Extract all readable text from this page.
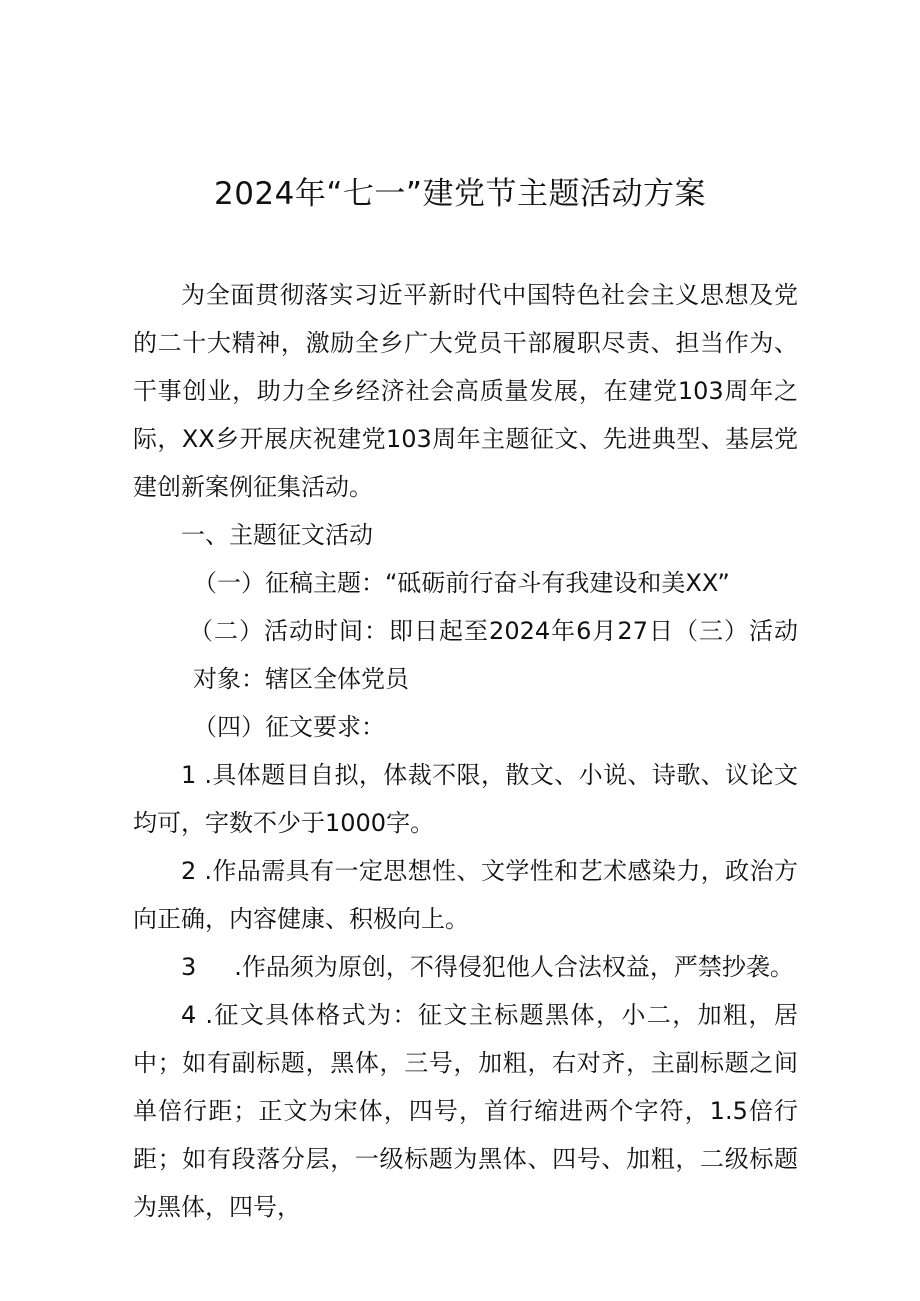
2024年“七一”建党节主题活动方案

为全面贯彻落实习近平新时代中国特色社会主义思想及党的二十大精神，激励全乡广大党员干部履职尽责、担当作为、干事创业，助力全乡经济社会高质量发展，在建党103周年之际，XX乡开展庆祝建党103周年主题征文、先进典型、基层党建创新案例征集活动。

一、主题征文活动

（一）征稿主题：“砥砺前行奋斗有我建设和美XX”

（二）活动时间：即日起至2024年6月27日（三）活动对象：辖区全体党员

（四）征文要求：

1 .具体题目自拟，体裁不限，散文、小说、诗歌、议论文均可，字数不少于1000字。

2 .作品需具有一定思想性、文学性和艺术感染力，政治方向正确，内容健康、积极向上。

3 .作品须为原创，不得侵犯他人合法权益，严禁抄袭。

4 .征文具体格式为：征文主标题黑体，小二，加粗，居中；如有副标题，黑体，三号，加粗，右对齐，主副标题之间单倍行距；正文为宋体，四号，首行缩进两个字符，1.5倍行距；如有段落分层，一级标题为黑体、四号、加粗，二级标题为黑体，四号，
